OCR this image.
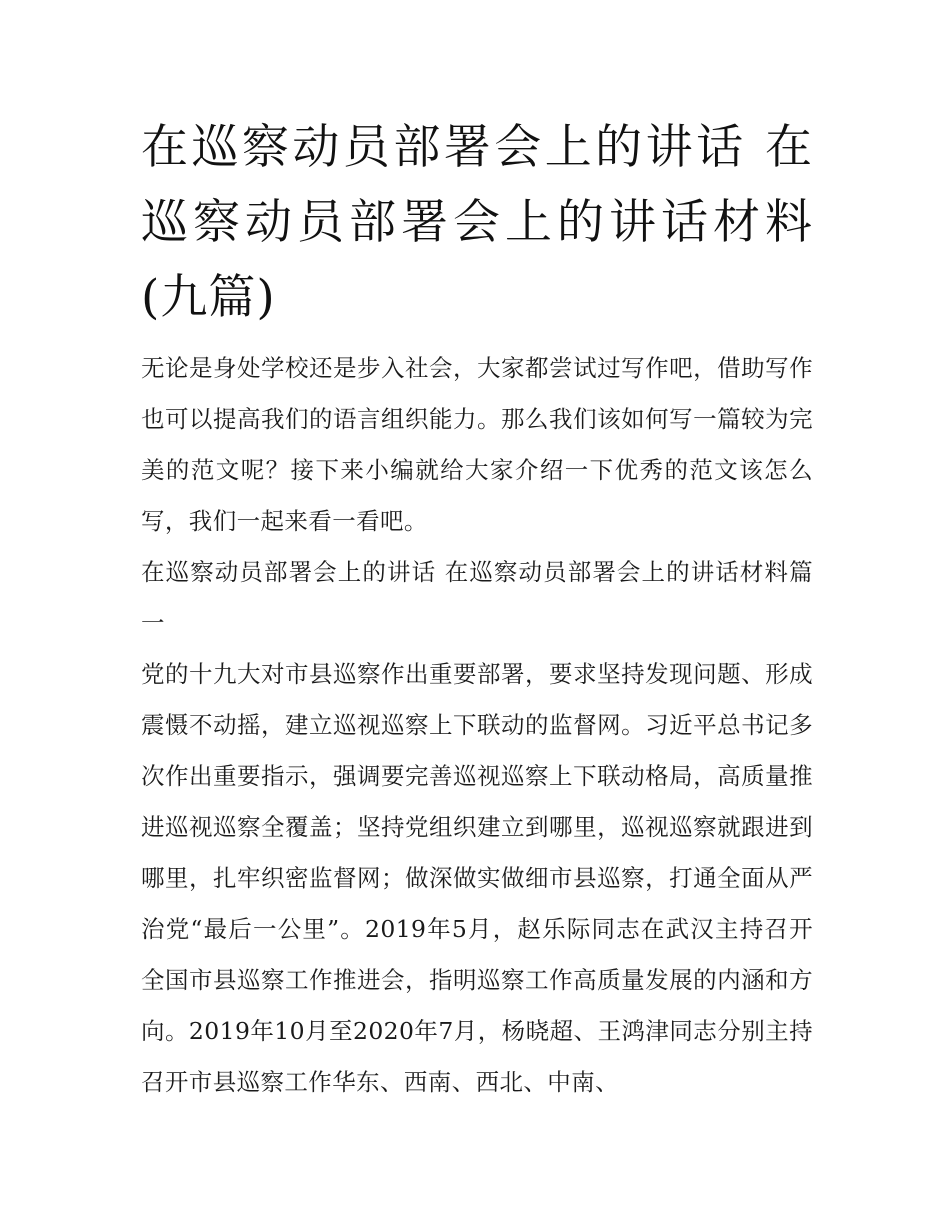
在巡察动员部署会上的讲话 在巡察动员部署会上的讲话材料(九篇)

无论是身处学校还是步入社会，大家都尝试过写作吧，借助写作也可以提高我们的语言组织能力。那么我们该如何写一篇较为完美的范文呢？接下来小编就给大家介绍一下优秀的范文该怎么写，我们一起来看一看吧。

在巡察动员部署会上的讲话 在巡察动员部署会上的讲话材料篇一

党的十九大对市县巡察作出重要部署，要求坚持发现问题、形成震慑不动摇，建立巡视巡察上下联动的监督网。习近平总书记多次作出重要指示，强调要完善巡视巡察上下联动格局，高质量推进巡视巡察全覆盖；坚持党组织建立到哪里，巡视巡察就跟进到哪里，扎牢织密监督网；做深做实做细市县巡察，打通全面从严治党“最后一公里”。2019年5月，赵乐际同志在武汉主持召开全国市县巡察工作推进会，指明巡察工作高质量发展的内涵和方向。2019年10月至2020年7月，杨晓超、王鸿津同志分别主持召开市县巡察工作华东、西南、西北、中南、
